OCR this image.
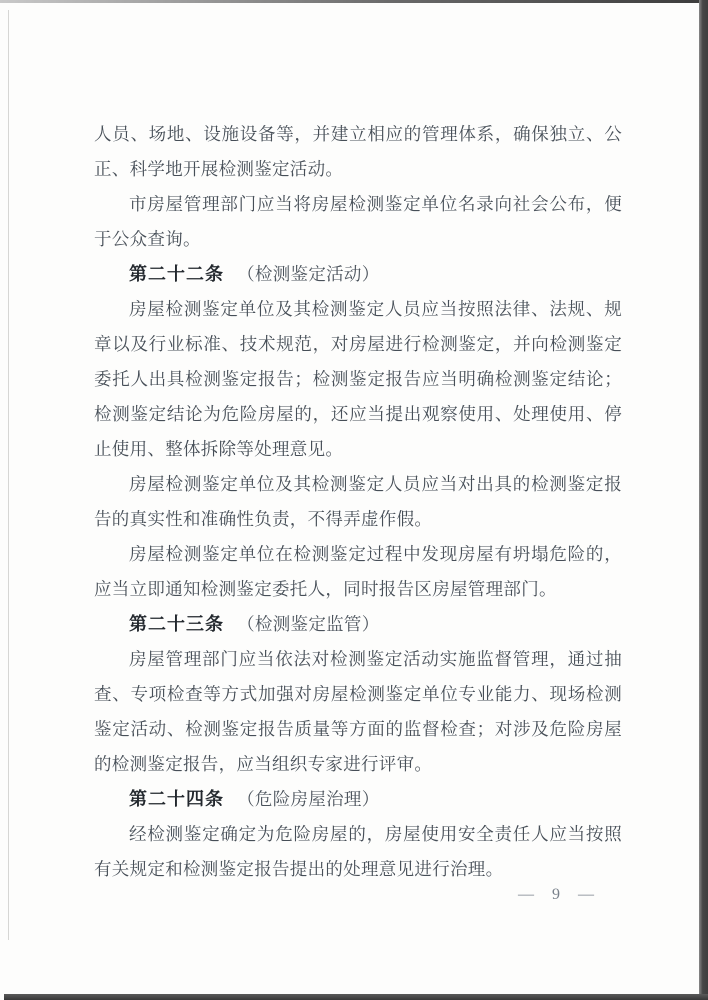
人员、场地、设施设备等，并建立相应的管理体系，确保独立、公正、科学地开展检测鉴定活动。

市房屋管理部门应当将房屋检测鉴定单位名录向社会公布，便于公众查询。

第二十二条 （检测鉴定活动）

房屋检测鉴定单位及其检测鉴定人员应当按照法律、法规、规章以及行业标准、技术规范，对房屋进行检测鉴定，并向检测鉴定委托人出具检测鉴定报告；检测鉴定报告应当明确检测鉴定结论；检测鉴定结论为危险房屋的，还应当提出观察使用、处理使用、停止使用、整体拆除等处理意见。

房屋检测鉴定单位及其检测鉴定人员应当对出具的检测鉴定报告的真实性和准确性负责，不得弄虚作假。

房屋检测鉴定单位在检测鉴定过程中发现房屋有坍塌危险的，应当立即通知检测鉴定委托人，同时报告区房屋管理部门。

第二十三条 （检测鉴定监管）

房屋管理部门应当依法对检测鉴定活动实施监督管理，通过抽查、专项检查等方式加强对房屋检测鉴定单位专业能力、现场检测鉴定活动、检测鉴定报告质量等方面的监督检查；对涉及危险房屋的检测鉴定报告，应当组织专家进行评审。

第二十四条 （危险房屋治理）

经检测鉴定确定为危险房屋的，房屋使用安全责任人应当按照有关规定和检测鉴定报告提出的处理意见进行治理。

— 9 —
